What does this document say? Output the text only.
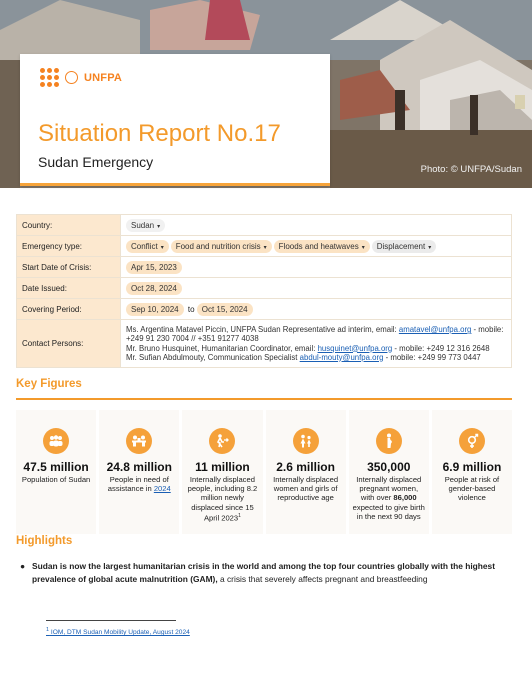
Photo: © UNFPA/Sudan
UNFPA
Situation Report No.17
Sudan Emergency
Country:	Sudan ▾
Emergency type:	Conflict ▾ Food and nutrition crisis ▾ Floods and heatwaves ▾ Displacement ▾
Start Date of Crisis:	Apr 15, 2023
Date Issued:	Oct 28, 2024
Covering Period:	Sep 10, 2024 to Oct 15, 2024
Contact Persons:	Ms. Argentina Matavel Piccin, UNFPA Sudan Representative ad interim, email: amatavel@unfpa.org - mobile: +249 91 230 7004 // +351 91277 4038
Mr. Bruno Husquinet, Humanitarian Coordinator, email: husquinet@unfpa.org - mobile: +249 12 316 2648
Mr. Sufian Abdulmouty, Communication Specialist abdul-mouty@unfpa.org - mobile: +249 99 773 0447
Key Figures
47.5 million
Population of Sudan
24.8 million
People in need of assistance in 2024
11 million
Internally displaced people, including 8.2 million newly displaced since 15 April 2023$^1$
2.6 million
Internally displaced women and girls of reproductive age
350,000
Internally displaced pregnant women, with over 86,000 expected to give birth in the next 90 days
6.9 million
People at risk of gender-based violence
Highlights
● Sudan is now the largest humanitarian crisis in the world and among the top four countries globally with the highest prevalence of global acute malnutrition (GAM), a crisis that severely affects pregnant and breastfeeding
$^1$ IOM, DTM Sudan Mobility Update, August 2024
